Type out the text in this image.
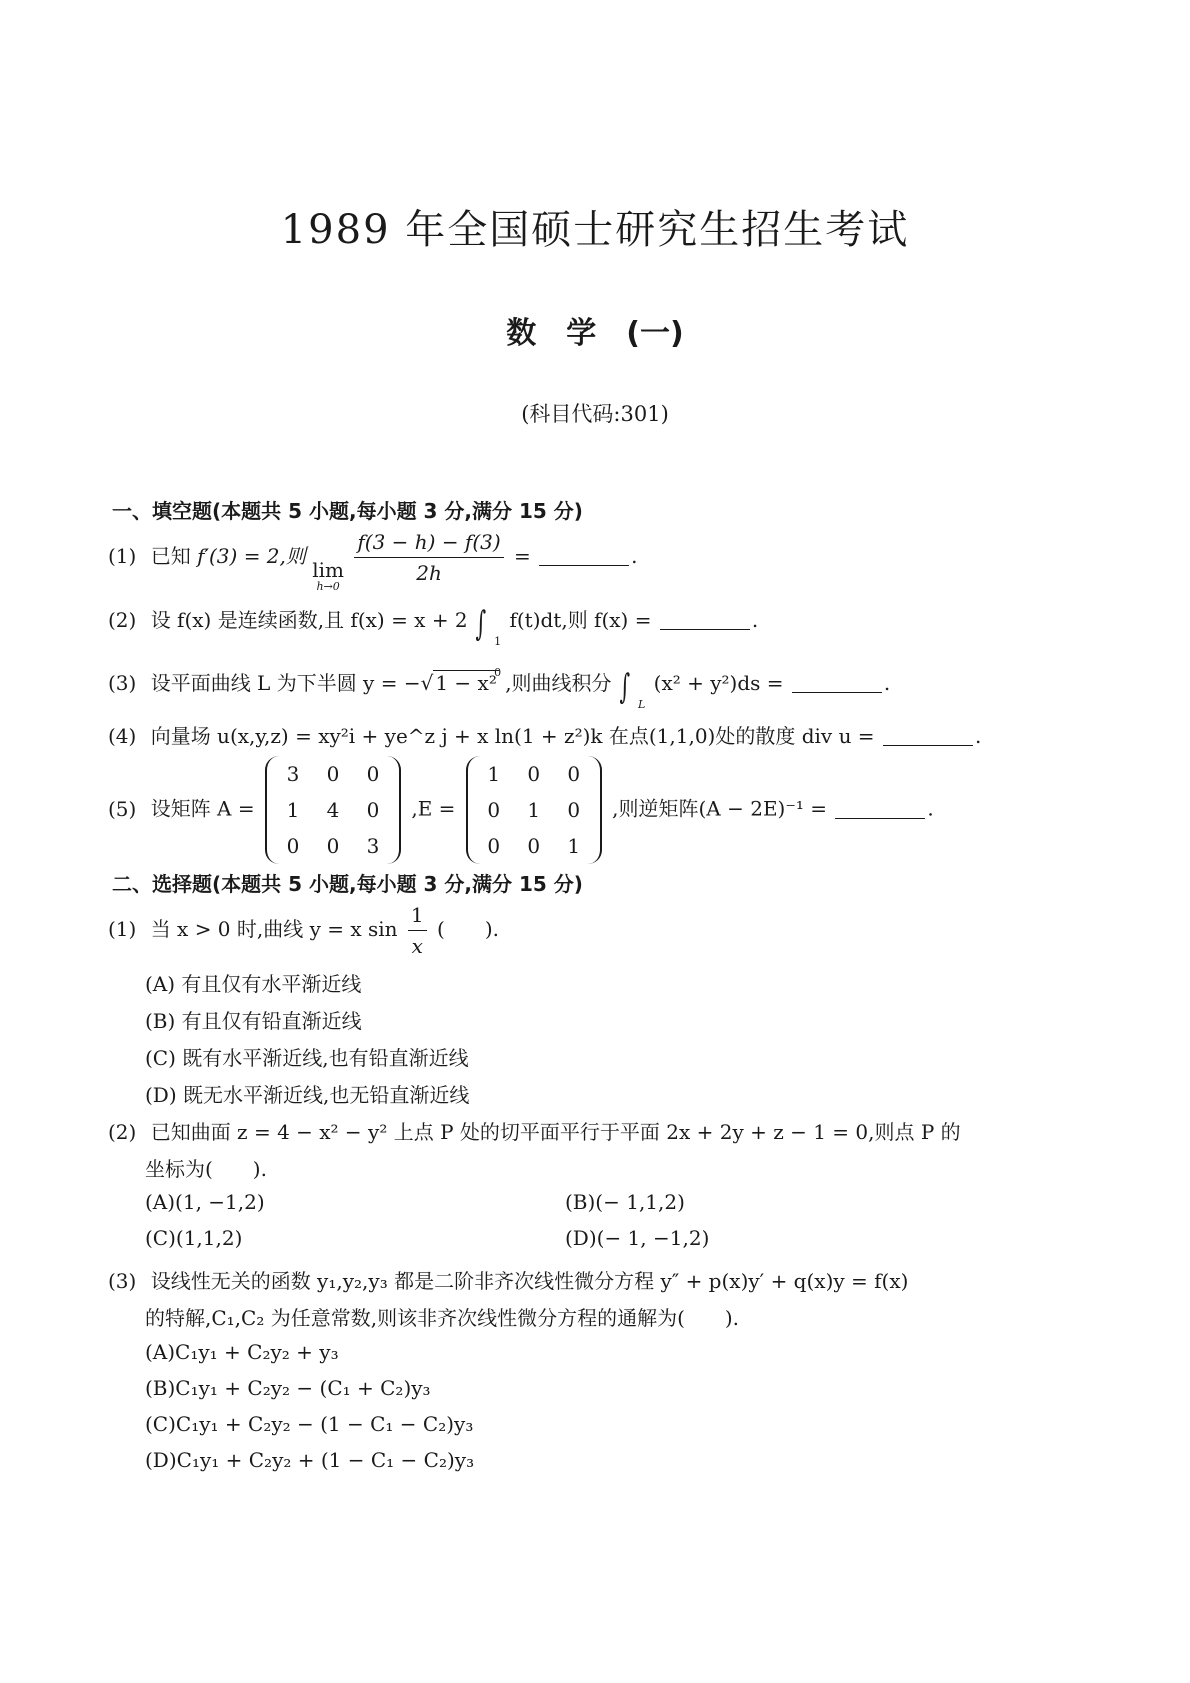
1989 年全国硕士研究生招生考试
数　学　(一)
(科目代码:301)
一、填空题(本题共 5 小题,每小题 3 分,满分 15 分)
(1) 已知 f′(3) = 2,则
lim
h→0

$\frac{f(3 - h) - f(3)}{2h}$ =	.
(2) 设 f(x) 是连续函数,且 f(x) = x + 2 ∫ 1
0
f(t)dt,则 f(x) =	.
(3) 设平面曲线 L 为下半圆 y = −√ 1 − x² ,则曲线积分 ∫ L
(x² + y²)ds =	.
(4) 向量场 u(x,y,z) = xy²i + ye^z j + x ln(1 + z²)k 在点(1,1,0)处的散度 div u =	.
(5) 设矩阵 A =
3	0	0
1	4	0
0	0	3
,E =
1	0	0
0	1	0
0	0	1
,则逆矩阵(A − 2E)⁻¹ =	.
二、选择题(本题共 5 小题,每小题 3 分,满分 15 分)
(1) 当 x > 0 时,曲线 y = x $\sin \frac{1}{x}$ (　　).
(A) 有且仅有水平渐近线
(B) 有且仅有铅直渐近线
(C) 既有水平渐近线,也有铅直渐近线
(D) 既无水平渐近线,也无铅直渐近线
(2) 已知曲面 z = 4 − x² − y² 上点 P 处的切平面平行于平面 2x + 2y + z − 1 = 0,则点 P 的
坐标为(　　).
(A)(1, −1,2)	(B)(− 1,1,2)
(C)(1,1,2)	(D)(− 1, −1,2)
(3) 设线性无关的函数 y₁,y₂,y₃ 都是二阶非齐次线性微分方程 y″ + p(x)y′ + q(x)y = f(x)
的特解,C₁,C₂ 为任意常数,则该非齐次线性微分方程的通解为(　　).
(A)C₁y₁ + C₂y₂ + y₃
(B)C₁y₁ + C₂y₂ − (C₁ + C₂)y₃
(C)C₁y₁ + C₂y₂ − (1 − C₁ − C₂)y₃
(D)C₁y₁ + C₂y₂ + (1 − C₁ − C₂)y₃
